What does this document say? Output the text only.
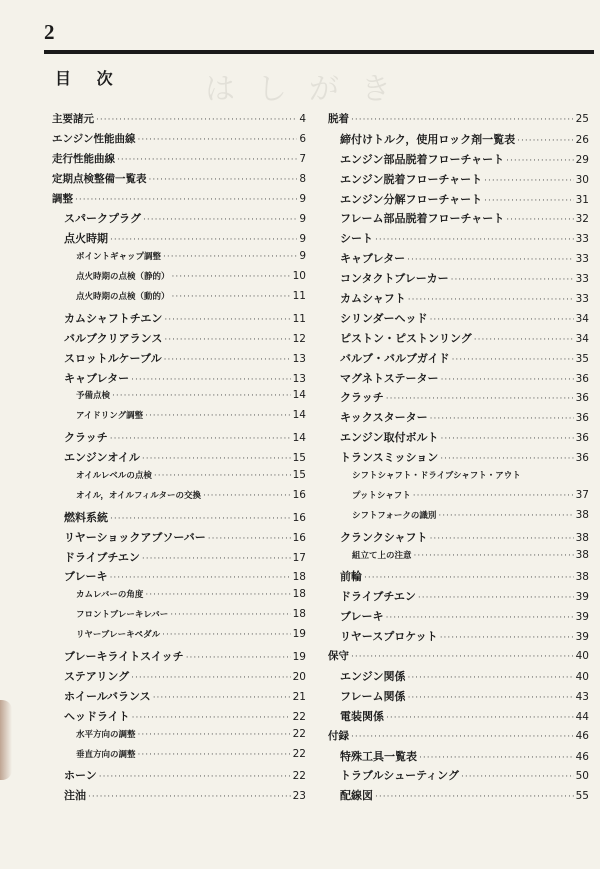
2
はしがき
目 次
主要諸元 ·····	4
エンジン性能曲線 ·····	6
走行性能曲線 ·····	7
定期点検整備一覧表 ·····	8
調整 ·····	9
スパークプラグ ·····	9
点火時期 ·····	9
ポイントギャップ調整 ·····	9
点火時期の点検（静的） ·····	10
点火時期の点検（動的） ·····	11
カムシャフトチエン ·····	11
バルブクリアランス ·····	12
スロットルケーブル ·····	13
キャブレター ·····	13
予備点検 ·····	14
アイドリング調整 ·····	14
クラッチ ·····	14
エンジンオイル ·····	15
オイルレベルの点検 ·····	15
オイル，オイルフィルターの交換 ·····	16
燃料系統 ·····	16
リヤーショックアブソーバー ·····	16
ドライブチエン ·····	17
ブレーキ ·····	18
カムレバーの角度 ·····	18
フロントブレーキレバー ·····	18
リヤーブレーキペダル ·····	19
ブレーキライトスイッチ ·····	19
ステアリング ·····	20
ホイールバランス ·····	21
ヘッドライト ·····	22
水平方向の調整 ·····	22
垂直方向の調整 ·····	22
ホーン ·····	22
注油 ·····	23
脱着 ·····	25
締付けトルク，使用ロック剤一覧表 ·····	26
エンジン部品脱着フローチャート ·····	29
エンジン脱着フローチャート ·····	30
エンジン分解フローチャート ·····	31
フレーム部品脱着フローチャート ·····	32
シート ·····	33
キャブレター ·····	33
コンタクトブレーカー ·····	33
カムシャフト ·····	33
シリンダーヘッド ·····	34
ピストン・ピストンリング ·····	34
バルブ・バルブガイド ·····	35
マグネトステーター ·····	36
クラッチ ·····	36
キックスターター ·····	36
エンジン取付ボルト ·····	36
トランスミッション ·····	36
シフトシャフト・ドライブシャフト・アウト
プットシャフト ·····	37
シフトフォークの識別 ·····	38
クランクシャフト ·····	38
組立て上の注意 ·····	38
前輪 ·····	38
ドライブチエン ·····	39
ブレーキ ·····	39
リヤースプロケット ·····	39
保守 ·····	40
エンジン関係 ·····	40
フレーム関係 ·····	43
電装関係 ·····	44
付録 ·····	46
特殊工具一覧表 ·····	46
トラブルシューティング ·····	50
配線図 ·····	55
